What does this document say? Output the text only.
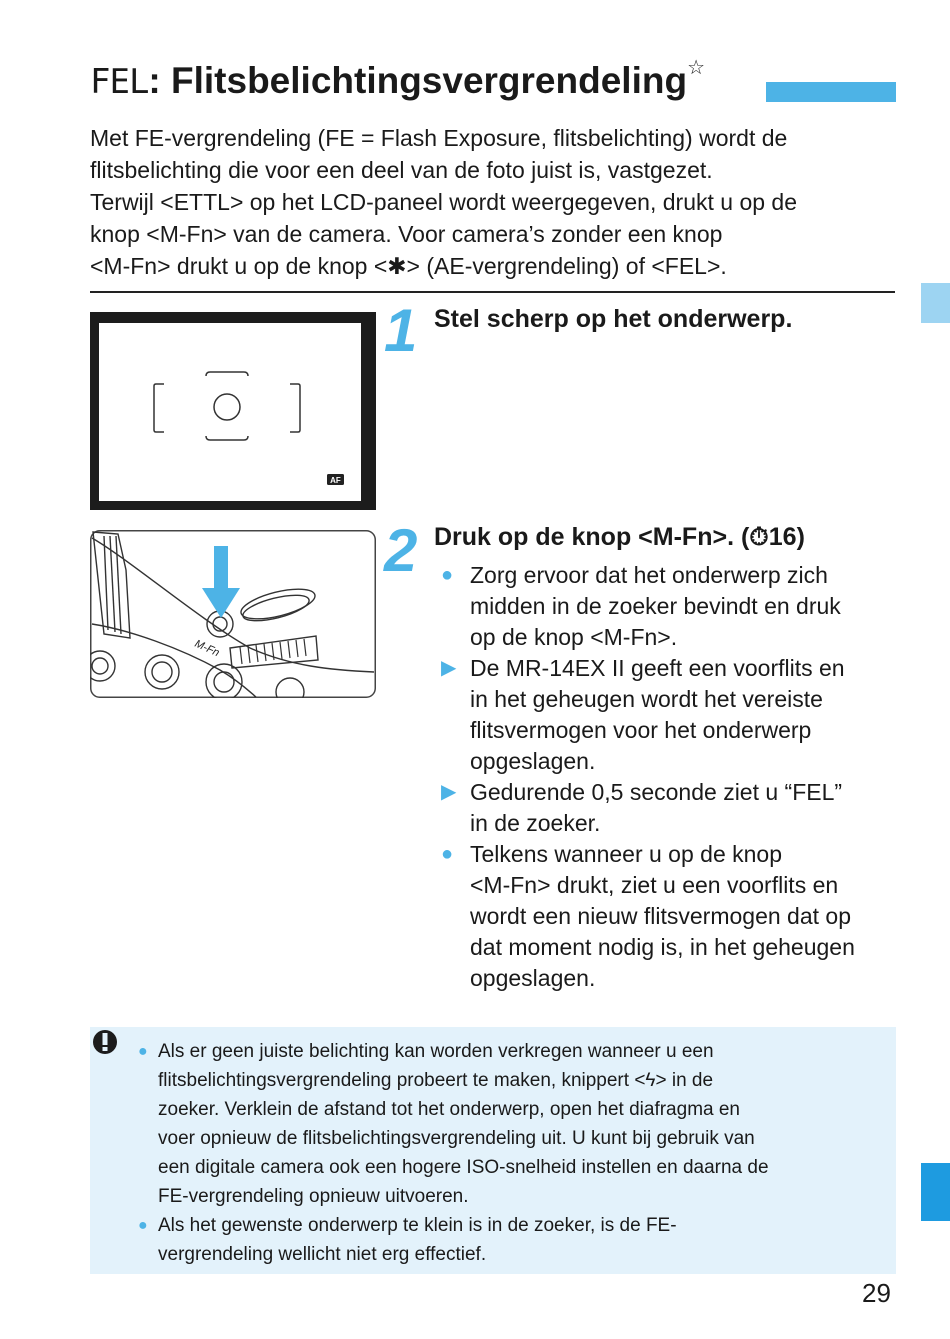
FEL: Flitsbelichtingsvergrendeling☆
Met FE-vergrendeling (FE = Flash Exposure, flitsbelichting) wordt de
flitsbelichting die voor een deel van de foto juist is, vastgezet.
Terwijl <ETTL> op het LCD-paneel wordt weergegeven, drukt u op de
knop <M-Fn> van de camera. Voor camera’s zonder een knop
<M-Fn> drukt u op de knop <✱> (AE-vergrendeling) of <FEL>.
AF
M-Fn
1 Stel scherp op het onderwerp.
2 Druk op de knop <M-Fn>. (⏱16)
● Zorg ervoor dat het onderwerp zich
midden in de zoeker bevindt en druk
op de knop <M-Fn>.
▶ De MR-14EX II geeft een voorflits en
in het geheugen wordt het vereiste
flitsvermogen voor het onderwerp
opgeslagen.
▶ Gedurende 0,5 seconde ziet u “FEL”
in de zoeker.
● Telkens wanneer u op de knop
<M-Fn> drukt, ziet u een voorflits en
wordt een nieuw flitsvermogen dat op
dat moment nodig is, in het geheugen
opgeslagen.
● Als er geen juiste belichting kan worden verkregen wanneer u een
flitsbelichtingsvergrendeling probeert te maken, knippert <ϟ> in de
zoeker. Verklein de afstand tot het onderwerp, open het diafragma en
voer opnieuw de flitsbelichtingsvergrendeling uit. U kunt bij gebruik van
een digitale camera ook een hogere ISO-snelheid instellen en daarna de
FE-vergrendeling opnieuw uitvoeren.
● Als het gewenste onderwerp te klein is in de zoeker, is de FE-
vergrendeling wellicht niet erg effectief.
29
